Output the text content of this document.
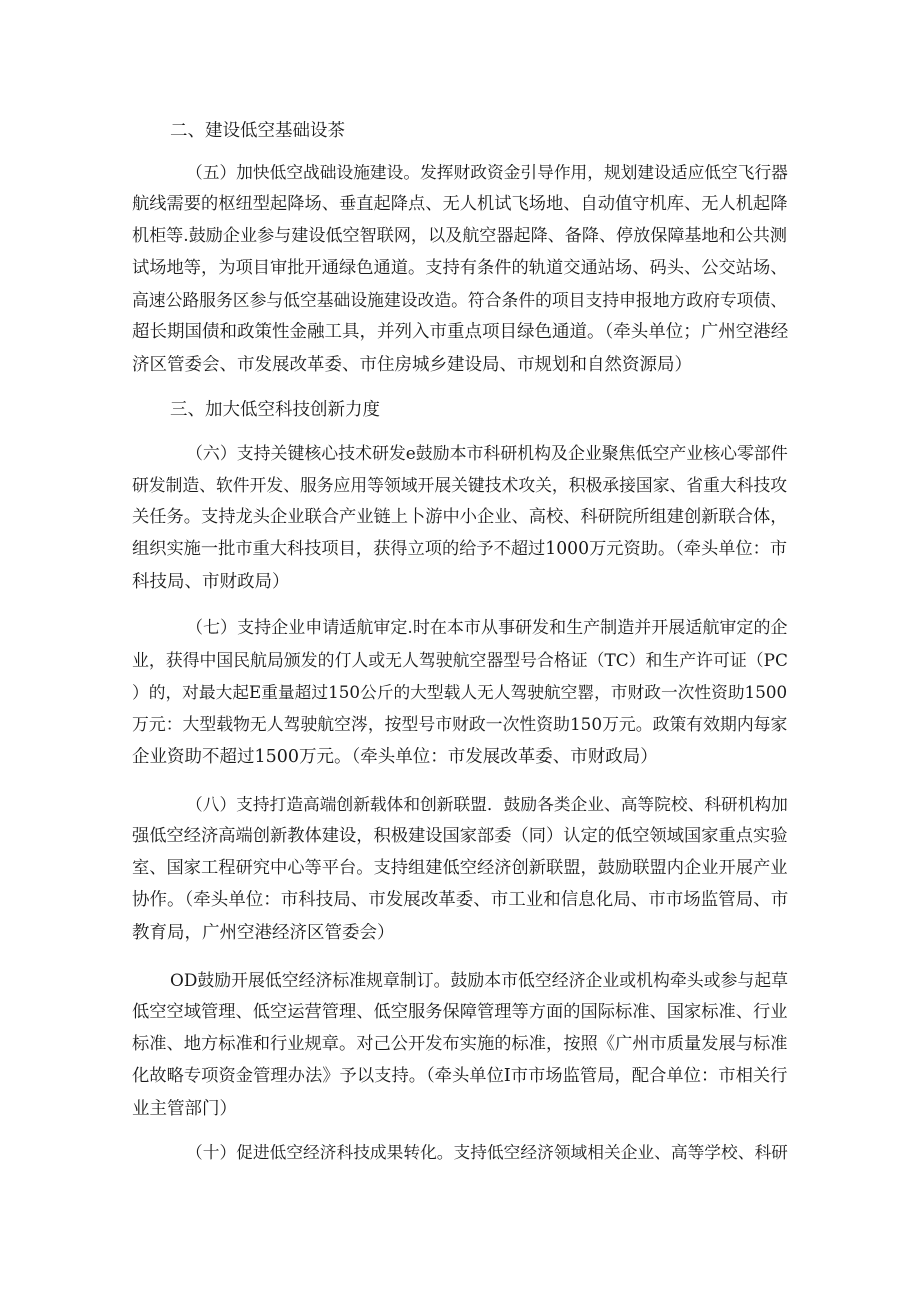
二、建设低空基础设茶
（五）加快低空战础设施建设。发挥财政资金引导作用，规划建设适应低空飞行器
航线需要的枢纽型起降场、垂直起降点、无人机试飞场地、自动值守机库、无人机起降
机柜等.鼓励企业参与建设低空智联网，以及航空器起降、备降、停放保障基地和公共测
试场地等，为项目审批开通绿色通道。支持有条件的轨道交通站场、码头、公交站场、
高速公路服务区参与低空基础设施建设改造。符合条件的项目支持申报地方政府专项债、
超长期国债和政策性金融工具，并列入市重点项目绿色通道。（牵头单位；广州空港经
济区管委会、市发展改革委、市住房城乡建设局、市规划和自然资源局）
三、加大低空科技创新力度
（六）支持关键核心技术研发e鼓励本市科研机构及企业聚焦低空产业核心零部件
研发制造、软件开发、服务应用等领域开展关键技术攻关，积极承接国家、省重大科技攻
关任务。支持龙头企业联合产业链上卜游中小企业、高校、科研院所组建创新联合体，
组织实施一批市重大科技项目，获得立项的给予不超过1000万元资助。（牵头单位：市
科技局、市财政局）
（七）支持企业申请适航审定.时在本市从事研发和生产制造并开展适航审定的企
业，获得中国民航局颁发的仃人或无人驾驶航空器型号合格证（TC）和生产许可证（PC
）的，对最大起E重量超过150公斤的大型载人无人驾驶航空罂，市财政一次性资助1500
万元：大型载物无人驾驶航空涔，按型号市财政一次性资助150万元。政策有效期内每家
企业资助不超过1500万元。（牵头单位：市发展改革委、市财政局）
（八）支持打造高端创新载体和创新联盟．鼓励各类企业、高等院校、科研机构加
强低空经济高端创新教体建设，积极建设国家部委（同）认定的低空领域国家重点实验
室、国家工程研究中心等平台。支持组建低空经济创新联盟，鼓励联盟内企业开展产业
协作。（牵头单位：市科技局、市发展改革委、市工业和信息化局、市市场监管局、市
教育局，广州空港经济区管委会）
OD鼓励开展低空经济标准规章制订。鼓励本市低空经济企业或机构牵头或参与起草
低空空域管理、低空运营管理、低空服务保障管理等方面的国际标准、国家标准、行业
标准、地方标准和行业规章。对己公开发布实施的标准，按照《广州市质量发展与标准
化故略专项资金管理办法》予以支持。（牵头单位I市市场监管局，配合单位：市相关行
业主管部门）
（十）促进低空经济科技成果转化。支持低空经济领域相关企业、高等学校、科研
